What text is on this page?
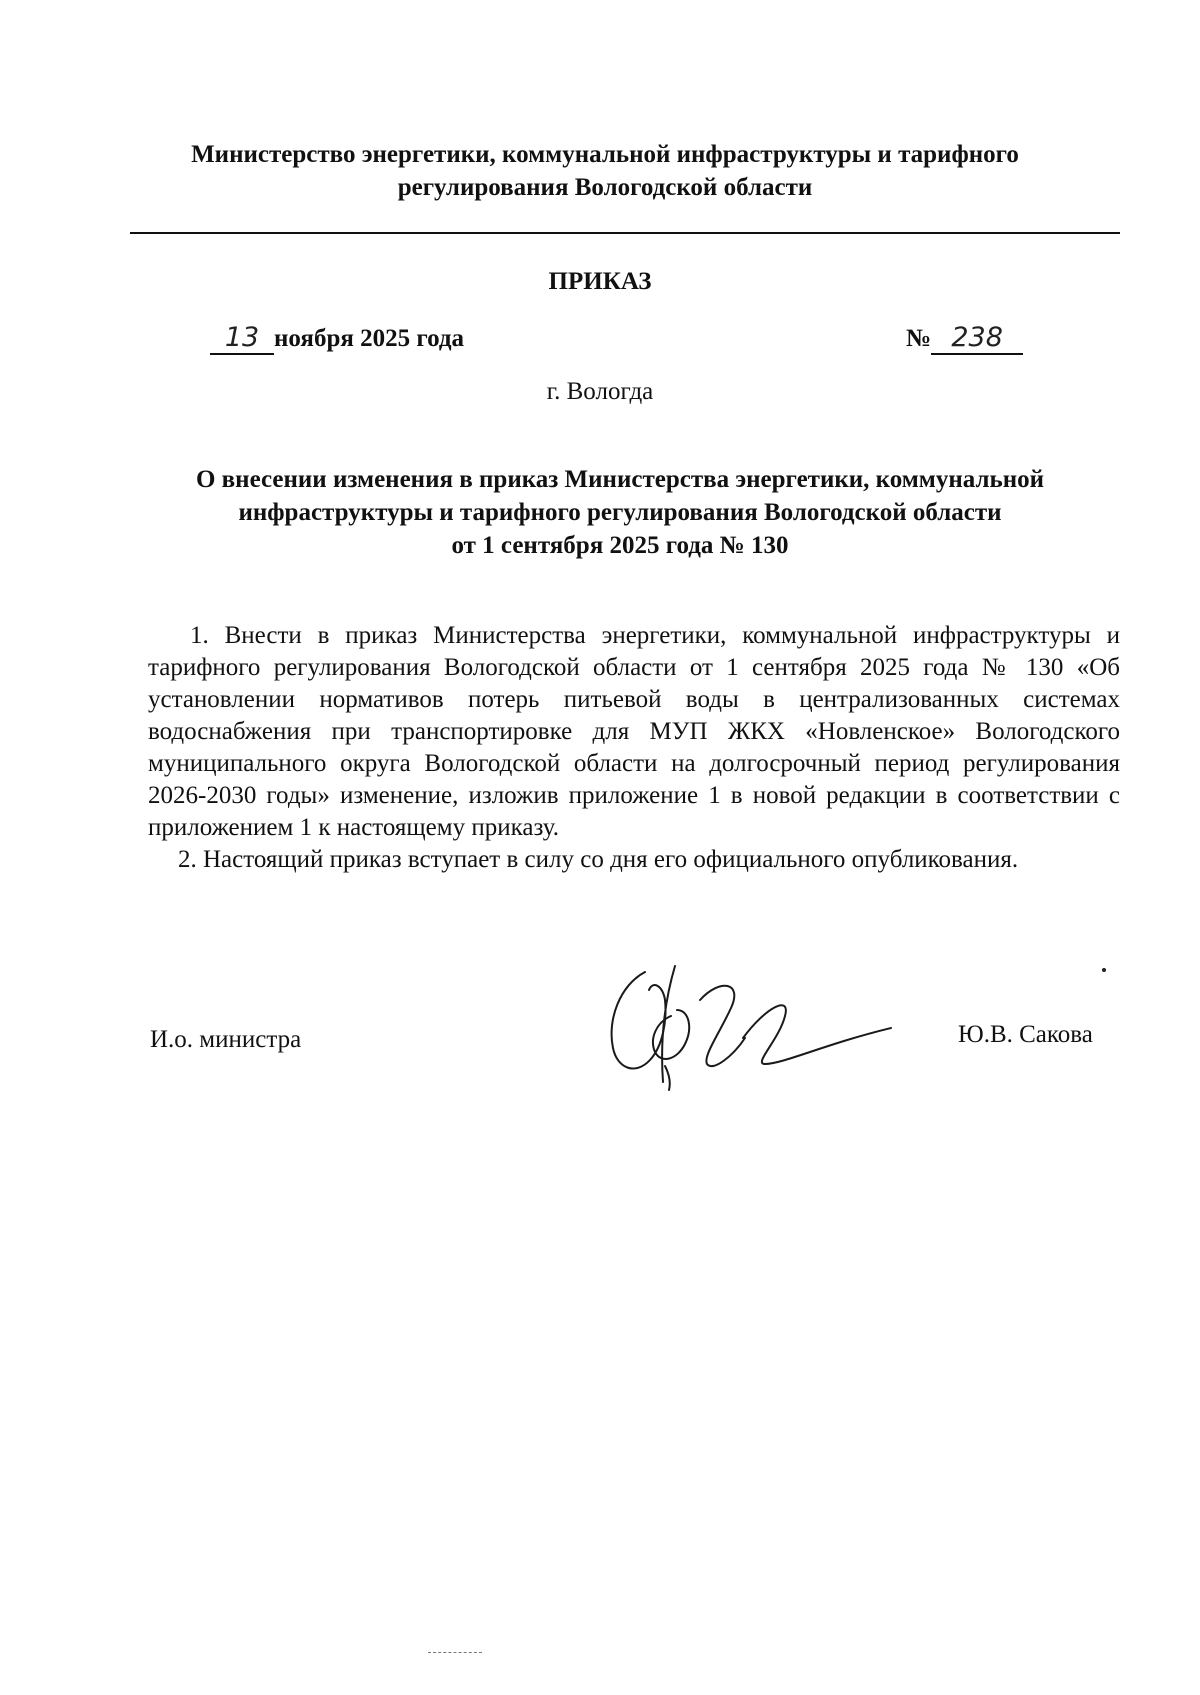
Министерство энергетики, коммунальной инфраструктуры и тарифного
регулирования Вологодской области
ПРИКАЗ
13 ноября 2025 года	№ 238
г. Вологда
О внесении изменения в приказ Министерства энергетики, коммунальной
инфраструктуры и тарифного регулирования Вологодской области
от 1 сентября 2025 года № 130

1. Внести в приказ Министерства энергетики, коммунальной инфраструктуры и тарифного регулирования Вологодской области от 1 сентября 2025 года № 130 «Об установлении нормативов потерь питьевой воды в централизованных системах водоснабжения при транспортировке для МУП ЖКХ «Новленское» Вологодского муниципального округа Вологодской области на долгосрочный период регулирования 2026-2030 годы» изменение, изложив приложение 1 в новой редакции в соответствии с приложением 1 к настоящему приказу.

2. Настоящий приказ вступает в силу со дня его официального опубликования.

И.о. министра	Ю.В. Сакова
